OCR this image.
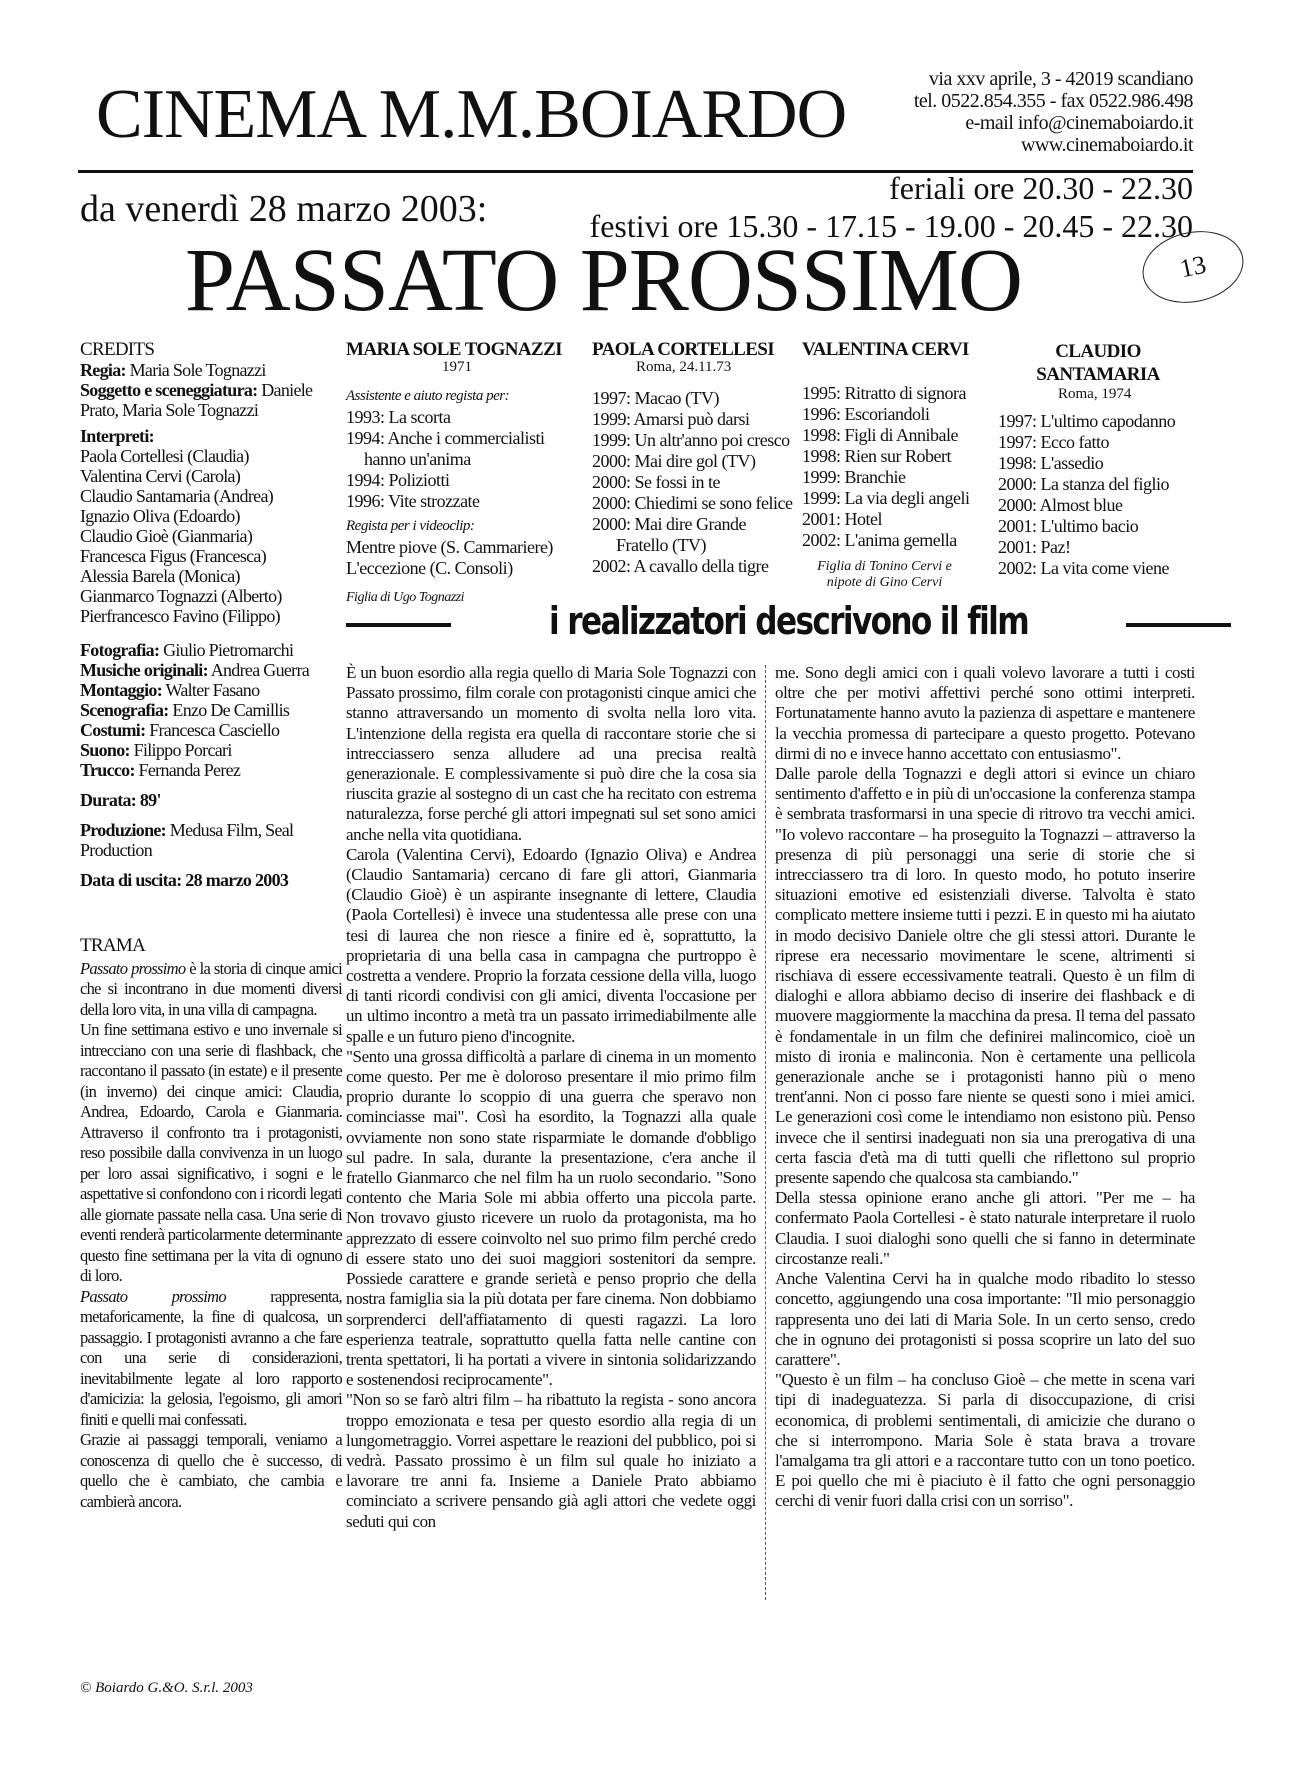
CINEMA M.M.BOIARDO	via xxv aprile, 3 - 42019 scandiano
tel. 0522.854.355 - fax 0522.986.498
e-mail info@cinemaboiardo.it
www.cinemaboiardo.it
da venerdì 28 marzo 2003:	feriali ore 20.30 - 22.30
festivi ore 15.30 - 17.15 - 19.00 - 20.45 - 22.30
PASSATO PROSSIMO	13
MARIA SOLE TOGNAZZI
1971
Assistente e aiuto regista per:
1993: La scorta
1994: Anche i commercialisti hanno un'anima
1994: Poliziotti
1996: Vite strozzate
Regista per i videoclip:
Mentre piove (S. Cammariere)
L'eccezione (C. Consoli)
Figlia di Ugo Tognazzi
PAOLA CORTELLESI
Roma, 24.11.73
1997: Macao (TV)
1999: Amarsi può darsi
1999: Un altr'anno poi cresco
2000: Mai dire gol (TV)
2000: Se fossi in te
2000: Chiedimi se sono felice
2000: Mai dire Grande Fratello (TV)
2002: A cavallo della tigre
VALENTINA CERVI
1995: Ritratto di signora
1996: Escoriandoli
1998: Figli di Annibale
1998: Rien sur Robert
1999: Branchie
1999: La via degli angeli
2001: Hotel
2002: L'anima gemella
Figlia di Tonino Cervi e nipote di Gino Cervi
CLAUDIO SANTAMARIA
Roma, 1974
1997: L'ultimo capodanno
1997: Ecco fatto
1998: L'assedio
2000: La stanza del figlio
2000: Almost blue
2001: L'ultimo bacio
2001: Paz!
2002: La vita come viene
CREDITS
Regia: Maria Sole Tognazzi
Soggetto e sceneggiatura: Daniele Prato, Maria Sole Tognazzi
Interpreti:
Paola Cortellesi (Claudia)
Valentina Cervi (Carola)
Claudio Santamaria (Andrea)
Ignazio Oliva (Edoardo)
Claudio Gioè (Gianmaria)
Francesca Figus (Francesca)
Alessia Barela (Monica)
Gianmarco Tognazzi (Alberto)
Pierfrancesco Favino (Filippo)
Fotografia: Giulio Pietromarchi
Musiche originali: Andrea Guerra
Montaggio: Walter Fasano
Scenografia: Enzo De Camillis
Costumi: Francesca Casciello
Suono: Filippo Porcari
Trucco: Fernanda Perez
Durata: 89'
Produzione: Medusa Film, Seal Production
Data di uscita: 28 marzo 2003
TRAMA

Passato prossimo è la storia di cinque amici che si incontrano in due momenti diversi della loro vita, in una villa di campagna.

Un fine settimana estivo e uno invernale si intrecciano con una serie di flashback, che raccontano il passato (in estate) e il presente (in inverno) dei cinque amici: Claudia, Andrea, Edoardo, Carola e Gianmaria. Attraverso il confronto tra i protagonisti, reso possibile dalla convivenza in un luogo per loro assai significativo, i sogni e le aspettative si confondono con i ricordi legati alle giornate passate nella casa. Una serie di eventi renderà particolarmente determinante questo fine settimana per la vita di ognuno di loro.

Passato prossimo rappresenta, metaforicamente, la fine di qualcosa, un passaggio. I protagonisti avranno a che fare con una serie di considerazioni, inevitabilmente legate al loro rapporto d'amicizia: la gelosia, l'egoismo, gli amori finiti e quelli mai confessati.

Grazie ai passaggi temporali, veniamo a conoscenza di quello che è successo, di quello che è cambiato, che cambia e cambierà ancora.

i realizzatori descrivono il film

È un buon esordio alla regia quello di Maria Sole Tognazzi con Passato prossimo, film corale con protagonisti cinque amici che stanno attraversando un momento di svolta nella loro vita. L'intenzione della regista era quella di raccontare storie che si intrecciassero senza alludere ad una precisa realtà generazionale. E complessivamente si può dire che la cosa sia riuscita grazie al sostegno di un cast che ha recitato con estrema naturalezza, forse perché gli attori impegnati sul set sono amici anche nella vita quotidiana.

Carola (Valentina Cervi), Edoardo (Ignazio Oliva) e Andrea (Claudio Santamaria) cercano di fare gli attori, Gianmaria (Claudio Gioè) è un aspirante insegnante di lettere, Claudia (Paola Cortellesi) è invece una studentessa alle prese con una tesi di laurea che non riesce a finire ed è, soprattutto, la proprietaria di una bella casa in campagna che purtroppo è costretta a vendere. Proprio la forzata cessione della villa, luogo di tanti ricordi condivisi con gli amici, diventa l'occasione per un ultimo incontro a metà tra un passato irrimediabilmente alle spalle e un futuro pieno d'incognite.

"Sento una grossa difficoltà a parlare di cinema in un momento come questo. Per me è doloroso presentare il mio primo film proprio durante lo scoppio di una guerra che speravo non cominciasse mai". Così ha esordito, la Tognazzi alla quale ovviamente non sono state risparmiate le domande d'obbligo sul padre. In sala, durante la presentazione, c'era anche il fratello Gianmarco che nel film ha un ruolo secondario. "Sono contento che Maria Sole mi abbia offerto una piccola parte. Non trovavo giusto ricevere un ruolo da protagonista, ma ho apprezzato di essere coinvolto nel suo primo film perché credo di essere stato uno dei suoi maggiori sostenitori da sempre. Possiede carattere e grande serietà e penso proprio che della nostra famiglia sia la più dotata per fare cinema. Non dobbiamo sorprenderci dell'affiatamento di questi ragazzi. La loro esperienza teatrale, soprattutto quella fatta nelle cantine con trenta spettatori, li ha portati a vivere in sintonia solidarizzando e sostenendosi reciprocamente".

"Non so se farò altri film – ha ribattuto la regista - sono ancora troppo emozionata e tesa per questo esordio alla regia di un lungometraggio. Vorrei aspettare le reazioni del pubblico, poi si vedrà. Passato prossimo è un film sul quale ho iniziato a lavorare tre anni fa. Insieme a Daniele Prato abbiamo cominciato a scrivere pensando già agli attori che vedete oggi seduti qui con

me. Sono degli amici con i quali volevo lavorare a tutti i costi oltre che per motivi affettivi perché sono ottimi interpreti. Fortunatamente hanno avuto la pazienza di aspettare e mantenere la vecchia promessa di partecipare a questo progetto. Potevano dirmi di no e invece hanno accettato con entusiasmo".

Dalle parole della Tognazzi e degli attori si evince un chiaro sentimento d'affetto e in più di un'occasione la conferenza stampa è sembrata trasformarsi in una specie di ritrovo tra vecchi amici. "Io volevo raccontare – ha proseguito la Tognazzi – attraverso la presenza di più personaggi una serie di storie che si intrecciassero tra di loro. In questo modo, ho potuto inserire situazioni emotive ed esistenziali diverse. Talvolta è stato complicato mettere insieme tutti i pezzi. E in questo mi ha aiutato in modo decisivo Daniele oltre che gli stessi attori. Durante le riprese era necessario movimentare le scene, altrimenti si rischiava di essere eccessivamente teatrali. Questo è un film di dialoghi e allora abbiamo deciso di inserire dei flashback e di muovere maggiormente la macchina da presa. Il tema del passato è fondamentale in un film che definirei malincomico, cioè un misto di ironia e malinconia. Non è certamente una pellicola generazionale anche se i protagonisti hanno più o meno trent'anni. Non ci posso fare niente se questi sono i miei amici. Le generazioni così come le intendiamo non esistono più. Penso invece che il sentirsi inadeguati non sia una prerogativa di una certa fascia d'età ma di tutti quelli che riflettono sul proprio presente sapendo che qualcosa sta cambiando."

Della stessa opinione erano anche gli attori. "Per me – ha confermato Paola Cortellesi - è stato naturale interpretare il ruolo Claudia. I suoi dialoghi sono quelli che si fanno in determinate circostanze reali."

Anche Valentina Cervi ha in qualche modo ribadito lo stesso concetto, aggiungendo una cosa importante: "Il mio personaggio rappresenta uno dei lati di Maria Sole. In un certo senso, credo che in ognuno dei protagonisti si possa scoprire un lato del suo carattere".

"Questo è un film – ha concluso Gioè – che mette in scena vari tipi di inadeguatezza. Si parla di disoccupazione, di crisi economica, di problemi sentimentali, di amicizie che durano o che si interrompono. Maria Sole è stata brava a trovare l'amalgama tra gli attori e a raccontare tutto con un tono poetico. E poi quello che mi è piaciuto è il fatto che ogni personaggio cerchi di venir fuori dalla crisi con un sorriso".

© Boiardo G.&O. S.r.l. 2003
